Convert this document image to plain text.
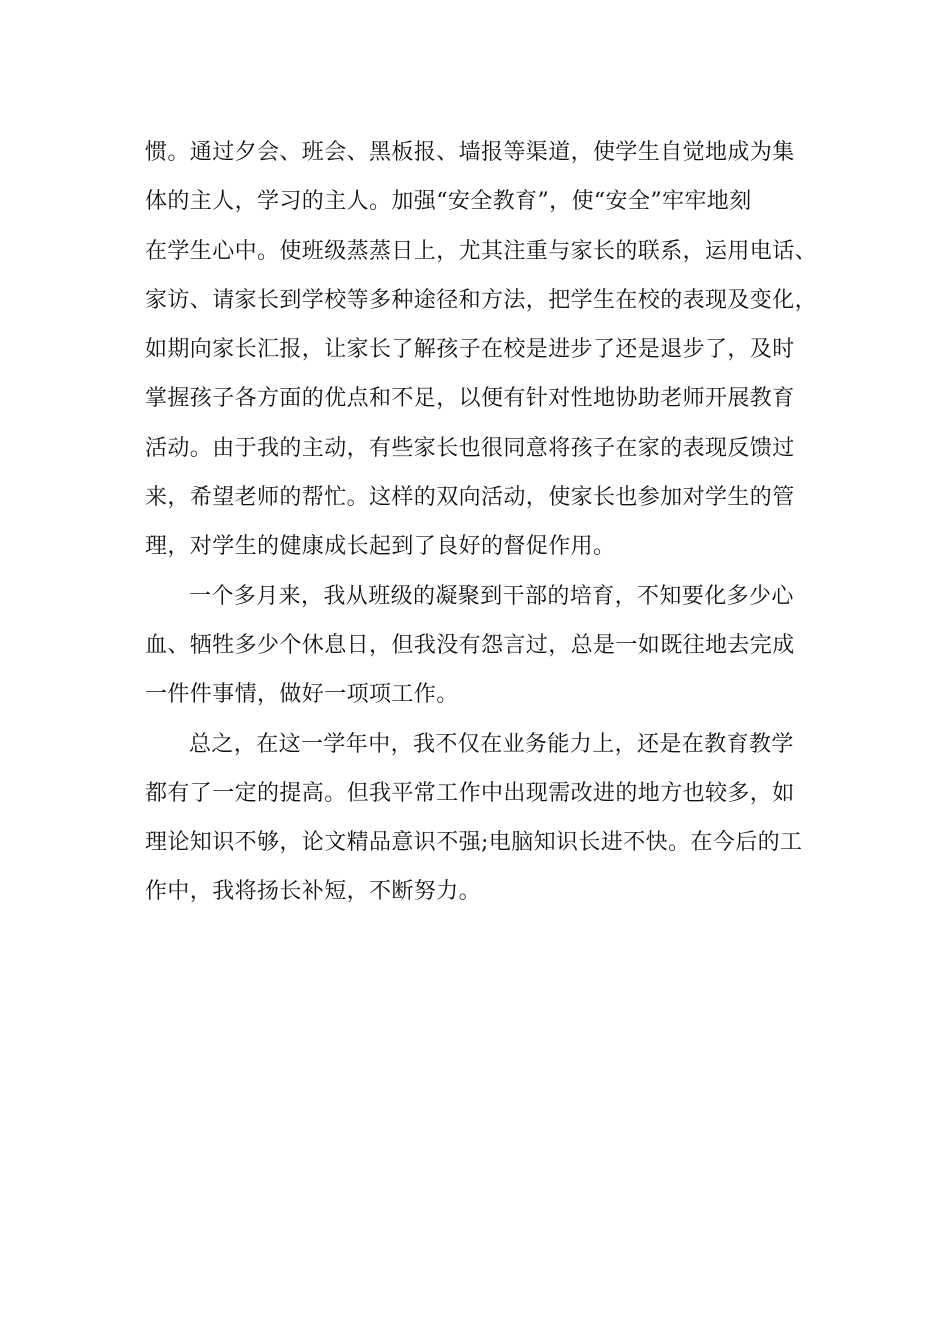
惯。通过夕会、班会、黑板报、墙报等渠道，使学生自觉地成为集
体的主人，学习的主人。加强“安全教育”，使“安全”牢牢地刻
在学生心中。使班级蒸蒸日上，尤其注重与家长的联系，运用电话、
家访、请家长到学校等多种途径和方法，把学生在校的表现及变化，
如期向家长汇报，让家长了解孩子在校是进步了还是退步了，及时
掌握孩子各方面的优点和不足，以便有针对性地协助老师开展教育
活动。由于我的主动，有些家长也很同意将孩子在家的表现反馈过
来，希望老师的帮忙。这样的双向活动，使家长也参加对学生的管
理，对学生的健康成长起到了良好的督促作用。
一个多月来，我从班级的凝聚到干部的培育，不知要化多少心
血、牺牲多少个休息日，但我没有怨言过，总是一如既往地去完成
一件件事情，做好一项项工作。
总之，在这一学年中，我不仅在业务能力上，还是在教育教学
都有了一定的提高。但我平常工作中出现需改进的地方也较多，如
理论知识不够，论文精品意识不强;电脑知识长进不快。在今后的工
作中，我将扬长补短，不断努力。
